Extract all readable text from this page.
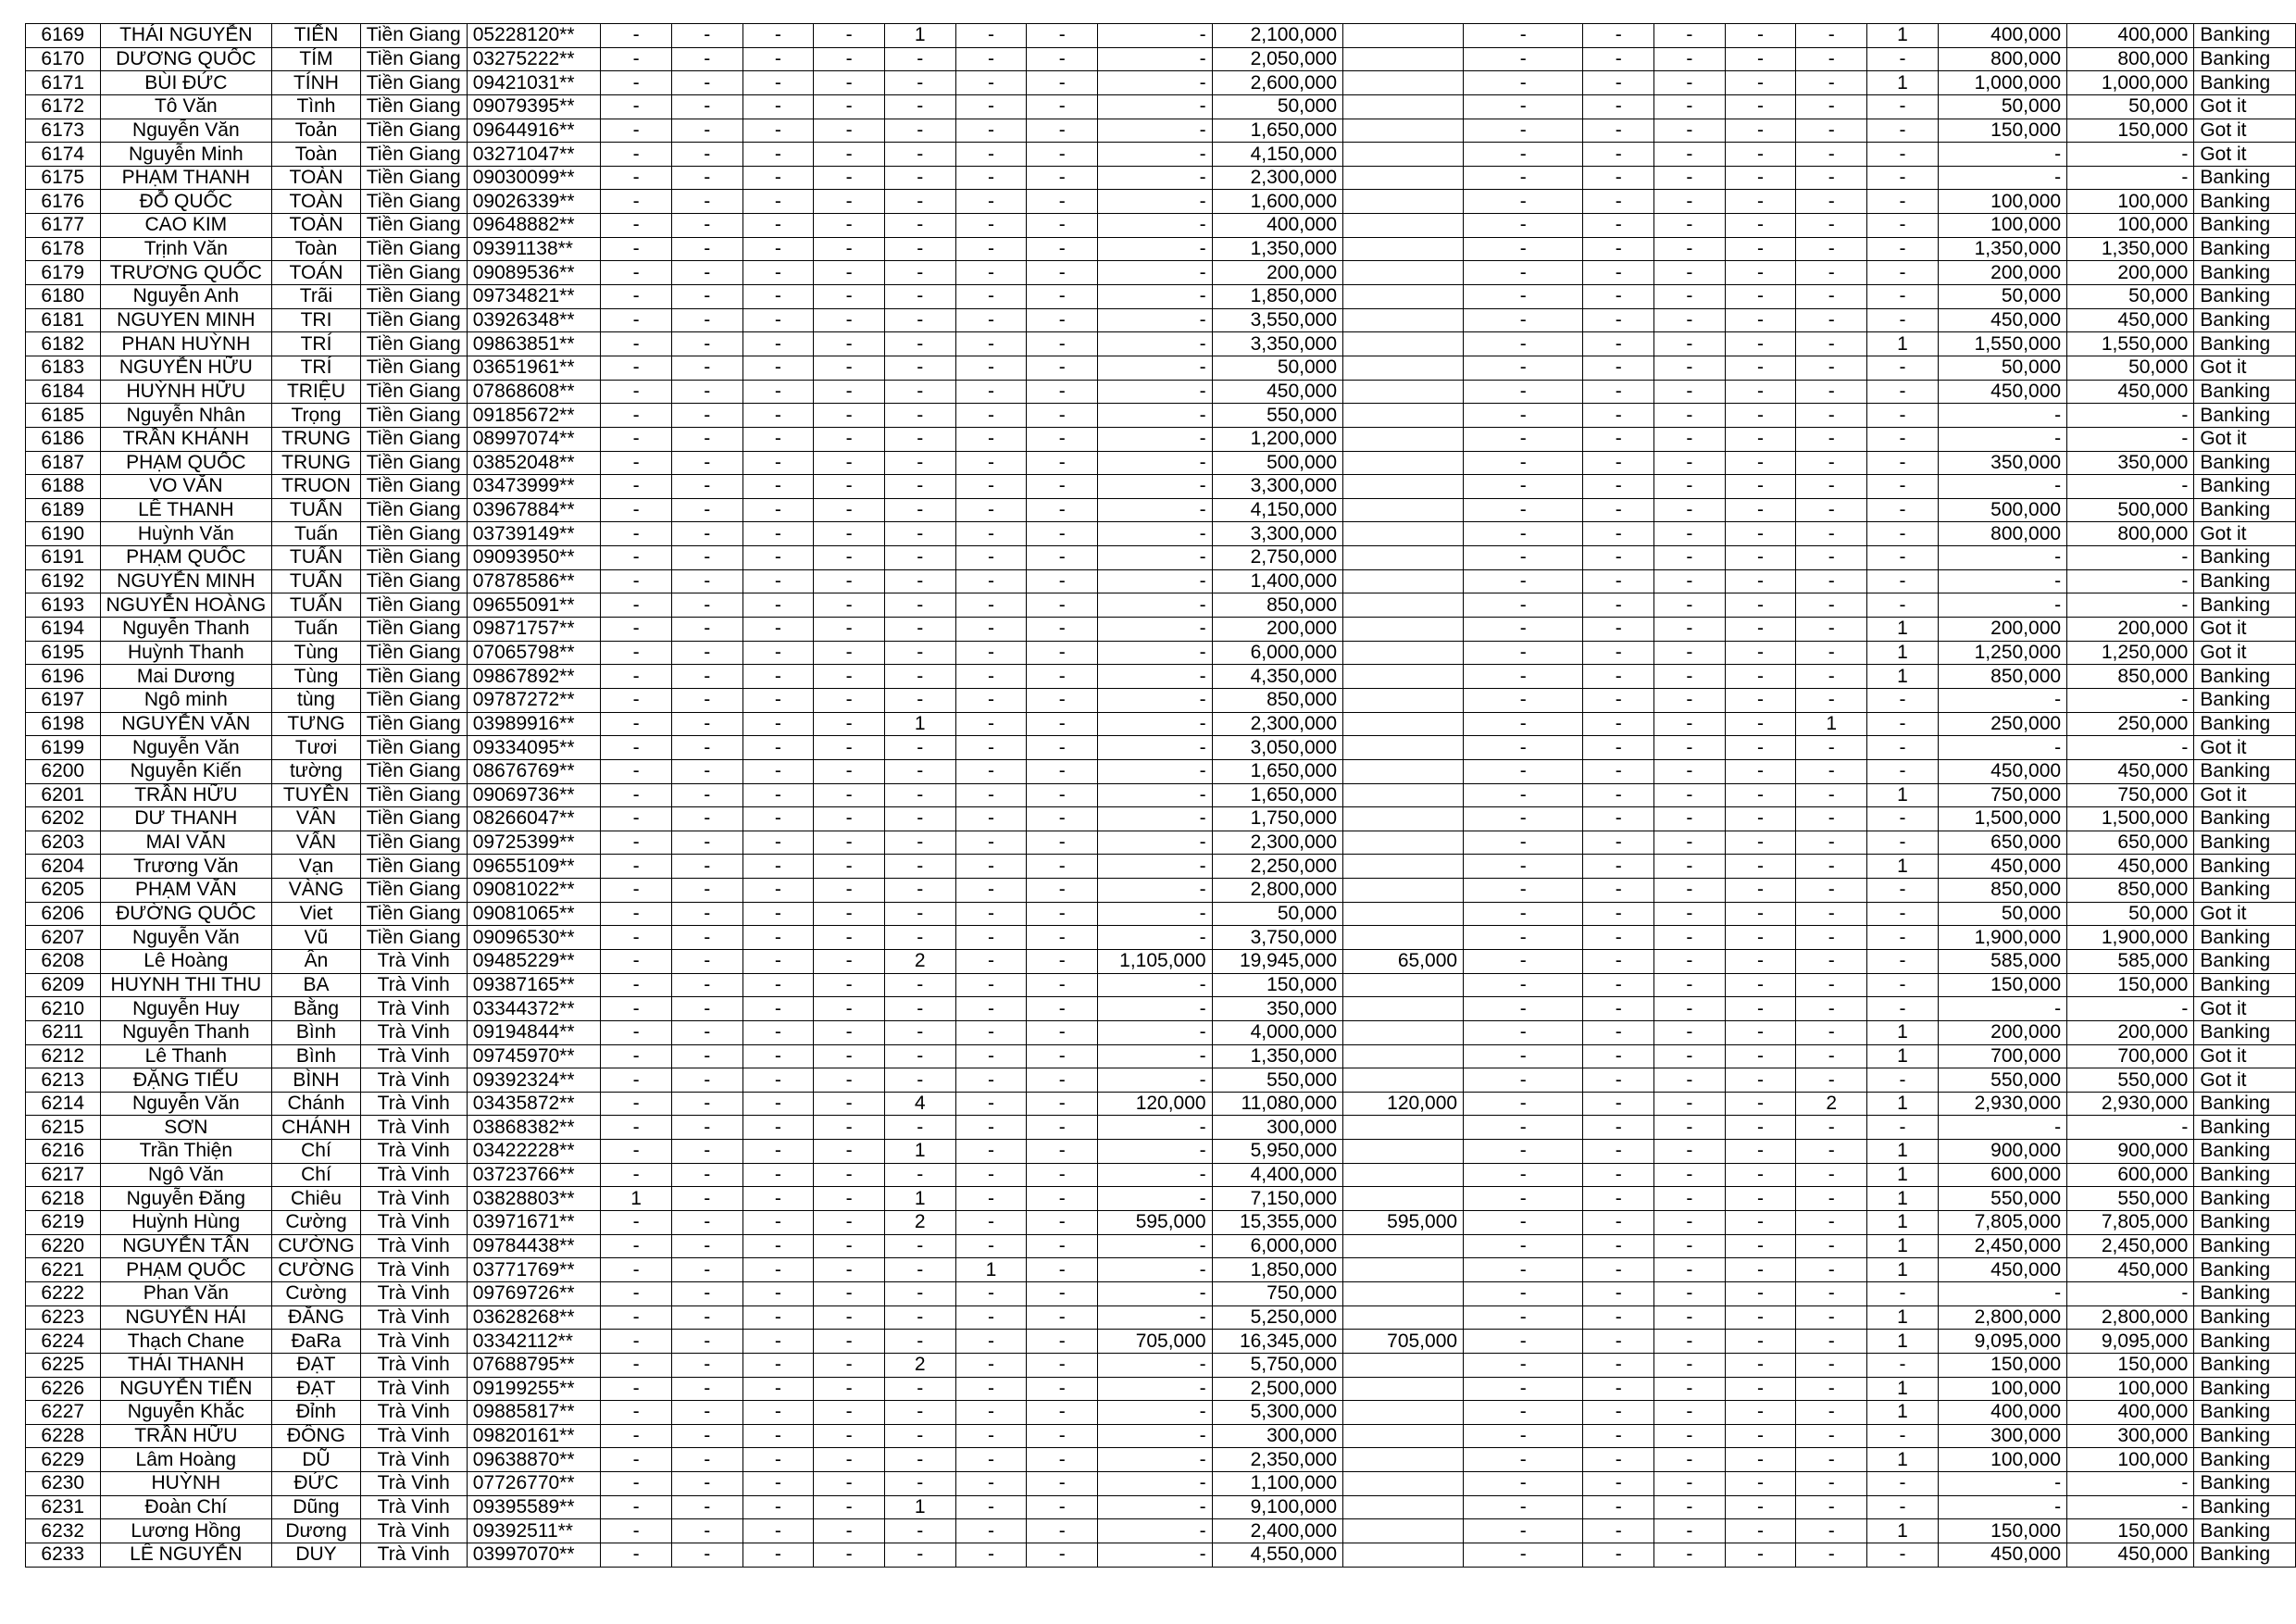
6169	THÁI NGUYỄN	TIẾN	Tiền Giang	05228120**	-	-	-	-	1	-	-	-	2,100,000		-	-	-	-	-	1	400,000	400,000	Banking
6170	DƯƠNG QUỐC	TÍM	Tiền Giang	03275222**	-	-	-	-	-	-	-	-	2,050,000		-	-	-	-	-	-	800,000	800,000	Banking
6171	BÙI ĐỨC	TÍNH	Tiền Giang	09421031**	-	-	-	-	-	-	-	-	2,600,000		-	-	-	-	-	1	1,000,000	1,000,000	Banking
6172	Tô Văn	Tình	Tiền Giang	09079395**	-	-	-	-	-	-	-	-	50,000		-	-	-	-	-	-	50,000	50,000	Got it
6173	Nguyễn Văn	Toản	Tiền Giang	09644916**	-	-	-	-	-	-	-	-	1,650,000		-	-	-	-	-	-	150,000	150,000	Got it
6174	Nguyễn Minh	Toàn	Tiền Giang	03271047**	-	-	-	-	-	-	-	-	4,150,000		-	-	-	-	-	-	-	-	Got it
6175	PHẠM THANH	TOÀN	Tiền Giang	09030099**	-	-	-	-	-	-	-	-	2,300,000		-	-	-	-	-	-	-	-	Banking
6176	ĐỖ QUỐC	TOÀN	Tiền Giang	09026339**	-	-	-	-	-	-	-	-	1,600,000		-	-	-	-	-	-	100,000	100,000	Banking
6177	CAO KIM	TOÀN	Tiền Giang	09648882**	-	-	-	-	-	-	-	-	400,000		-	-	-	-	-	-	100,000	100,000	Banking
6178	Trịnh Văn	Toàn	Tiền Giang	09391138**	-	-	-	-	-	-	-	-	1,350,000		-	-	-	-	-	-	1,350,000	1,350,000	Banking
6179	TRƯƠNG QUỐC	TOÁN	Tiền Giang	09089536**	-	-	-	-	-	-	-	-	200,000		-	-	-	-	-	-	200,000	200,000	Banking
6180	Nguyễn Anh	Trãi	Tiền Giang	09734821**	-	-	-	-	-	-	-	-	1,850,000		-	-	-	-	-	-	50,000	50,000	Banking
6181	NGUYEN MINH	TRI	Tiền Giang	03926348**	-	-	-	-	-	-	-	-	3,550,000		-	-	-	-	-	-	450,000	450,000	Banking
6182	PHAN HUỲNH	TRÍ	Tiền Giang	09863851**	-	-	-	-	-	-	-	-	3,350,000		-	-	-	-	-	1	1,550,000	1,550,000	Banking
6183	NGUYỄN HỮU	TRÍ	Tiền Giang	03651961**	-	-	-	-	-	-	-	-	50,000		-	-	-	-	-	-	50,000	50,000	Got it
6184	HUỲNH HỮU	TRIỆU	Tiền Giang	07868608**	-	-	-	-	-	-	-	-	450,000		-	-	-	-	-	-	450,000	450,000	Banking
6185	Nguyễn Nhân	Trọng	Tiền Giang	09185672**	-	-	-	-	-	-	-	-	550,000		-	-	-	-	-	-	-	-	Banking
6186	TRẦN KHÁNH	TRUNG	Tiền Giang	08997074**	-	-	-	-	-	-	-	-	1,200,000		-	-	-	-	-	-	-	-	Got it
6187	PHẠM QUỐC	TRUNG	Tiền Giang	03852048**	-	-	-	-	-	-	-	-	500,000		-	-	-	-	-	-	350,000	350,000	Banking
6188	VO VĂN	TRUON	Tiền Giang	03473999**	-	-	-	-	-	-	-	-	3,300,000		-	-	-	-	-	-	-	-	Banking
6189	LÊ THANH	TUẤN	Tiền Giang	03967884**	-	-	-	-	-	-	-	-	4,150,000		-	-	-	-	-	-	500,000	500,000	Banking
6190	Huỳnh Văn	Tuấn	Tiền Giang	03739149**	-	-	-	-	-	-	-	-	3,300,000		-	-	-	-	-	-	800,000	800,000	Got it
6191	PHẠM QUỐC	TUẤN	Tiền Giang	09093950**	-	-	-	-	-	-	-	-	2,750,000		-	-	-	-	-	-	-	-	Banking
6192	NGUYỄN MINH	TUẤN	Tiền Giang	07878586**	-	-	-	-	-	-	-	-	1,400,000		-	-	-	-	-	-	-	-	Banking
6193	NGUYỄN HOÀNG	TUẤN	Tiền Giang	09655091**	-	-	-	-	-	-	-	-	850,000		-	-	-	-	-	-	-	-	Banking
6194	Nguyễn Thanh	Tuấn	Tiền Giang	09871757**	-	-	-	-	-	-	-	-	200,000		-	-	-	-	-	1	200,000	200,000	Got it
6195	Huỳnh Thanh	Tùng	Tiền Giang	07065798**	-	-	-	-	-	-	-	-	6,000,000		-	-	-	-	-	1	1,250,000	1,250,000	Got it
6196	Mai Dương	Tùng	Tiền Giang	09867892**	-	-	-	-	-	-	-	-	4,350,000		-	-	-	-	-	1	850,000	850,000	Banking
6197	Ngô minh	tùng	Tiền Giang	09787272**	-	-	-	-	-	-	-	-	850,000		-	-	-	-	-	-	-	-	Banking
6198	NGUYỄN VĂN	TƯNG	Tiền Giang	03989916**	-	-	-	-	1	-	-	-	2,300,000		-	-	-	-	1	-	250,000	250,000	Banking
6199	Nguyễn Văn	Tươi	Tiền Giang	09334095**	-	-	-	-	-	-	-	-	3,050,000		-	-	-	-	-	-	-	-	Got it
6200	Nguyễn Kiến	tường	Tiền Giang	08676769**	-	-	-	-	-	-	-	-	1,650,000		-	-	-	-	-	-	450,000	450,000	Banking
6201	TRẦN HỮU	TUYỀN	Tiền Giang	09069736**	-	-	-	-	-	-	-	-	1,650,000		-	-	-	-	-	1	750,000	750,000	Got it
6202	DƯ THANH	VÂN	Tiền Giang	08266047**	-	-	-	-	-	-	-	-	1,750,000		-	-	-	-	-	-	1,500,000	1,500,000	Banking
6203	MAI VĂN	VẤN	Tiền Giang	09725399**	-	-	-	-	-	-	-	-	2,300,000		-	-	-	-	-	-	650,000	650,000	Banking
6204	Trương Văn	Vạn	Tiền Giang	09655109**	-	-	-	-	-	-	-	-	2,250,000		-	-	-	-	-	1	450,000	450,000	Banking
6205	PHẠM VĂN	VÀNG	Tiền Giang	09081022**	-	-	-	-	-	-	-	-	2,800,000		-	-	-	-	-	-	850,000	850,000	Banking
6206	ĐƯỜNG QUỐC	Viet	Tiền Giang	09081065**	-	-	-	-	-	-	-	-	50,000		-	-	-	-	-	-	50,000	50,000	Got it
6207	Nguyễn Văn	Vũ	Tiền Giang	09096530**	-	-	-	-	-	-	-	-	3,750,000		-	-	-	-	-	-	1,900,000	1,900,000	Banking
6208	Lê Hoàng	Ân	Trà Vinh	09485229**	-	-	-	-	2	-	-	1,105,000	19,945,000	65,000	-	-	-	-	-	-	585,000	585,000	Banking
6209	HUYNH THI THU	BA	Trà Vinh	09387165**	-	-	-	-	-	-	-	-	150,000		-	-	-	-	-	-	150,000	150,000	Banking
6210	Nguyễn Huy	Bằng	Trà Vinh	03344372**	-	-	-	-	-	-	-	-	350,000		-	-	-	-	-	-	-	-	Got it
6211	Nguyễn Thanh	Bình	Trà Vinh	09194844**	-	-	-	-	-	-	-	-	4,000,000		-	-	-	-	-	1	200,000	200,000	Banking
6212	Lê Thanh	Bình	Trà Vinh	09745970**	-	-	-	-	-	-	-	-	1,350,000		-	-	-	-	-	1	700,000	700,000	Got it
6213	ĐẶNG TIẾU	BÌNH	Trà Vinh	09392324**	-	-	-	-	-	-	-	-	550,000		-	-	-	-	-	-	550,000	550,000	Got it
6214	Nguyễn Văn	Chánh	Trà Vinh	03435872**	-	-	-	-	4	-	-	120,000	11,080,000	120,000	-	-	-	-	2	1	2,930,000	2,930,000	Banking
6215	SƠN	CHÁNH	Trà Vinh	03868382**	-	-	-	-	-	-	-	-	300,000		-	-	-	-	-	-	-	-	Banking
6216	Trần Thiện	Chí	Trà Vinh	03422228**	-	-	-	-	1	-	-	-	5,950,000		-	-	-	-	-	1	900,000	900,000	Banking
6217	Ngô Văn	Chí	Trà Vinh	03723766**	-	-	-	-	-	-	-	-	4,400,000		-	-	-	-	-	1	600,000	600,000	Banking
6218	Nguyễn Đăng	Chiêu	Trà Vinh	03828803**	1	-	-	-	1	-	-	-	7,150,000		-	-	-	-	-	1	550,000	550,000	Banking
6219	Huỳnh Hùng	Cường	Trà Vinh	03971671**	-	-	-	-	2	-	-	595,000	15,355,000	595,000	-	-	-	-	-	1	7,805,000	7,805,000	Banking
6220	NGUYỄN TẤN	CƯỜNG	Trà Vinh	09784438**	-	-	-	-	-	-	-	-	6,000,000		-	-	-	-	-	1	2,450,000	2,450,000	Banking
6221	PHẠM QUỐC	CƯỜNG	Trà Vinh	03771769**	-	-	-	-	-	1	-	-	1,850,000		-	-	-	-	-	1	450,000	450,000	Banking
6222	Phan Văn	Cường	Trà Vinh	09769726**	-	-	-	-	-	-	-	-	750,000		-	-	-	-	-	-	-	-	Banking
6223	NGUYỄN HẢI	ĐĂNG	Trà Vinh	03628268**	-	-	-	-	-	-	-	-	5,250,000		-	-	-	-	-	1	2,800,000	2,800,000	Banking
6224	Thạch Chane	ĐaRa	Trà Vinh	03342112**	-	-	-	-	-	-	-	705,000	16,345,000	705,000	-	-	-	-	-	1	9,095,000	9,095,000	Banking
6225	THÁI THANH	ĐẠT	Trà Vinh	07688795**	-	-	-	-	2	-	-	-	5,750,000		-	-	-	-	-	-	150,000	150,000	Banking
6226	NGUYỄN TIẾN	ĐẠT	Trà Vinh	09199255**	-	-	-	-	-	-	-	-	2,500,000		-	-	-	-	-	1	100,000	100,000	Banking
6227	Nguyễn Khắc	Đỉnh	Trà Vinh	09885817**	-	-	-	-	-	-	-	-	5,300,000		-	-	-	-	-	1	400,000	400,000	Banking
6228	TRẦN HỮU	ĐÔNG	Trà Vinh	09820161**	-	-	-	-	-	-	-	-	300,000		-	-	-	-	-	-	300,000	300,000	Banking
6229	Lâm Hoàng	DŨ	Trà Vinh	09638870**	-	-	-	-	-	-	-	-	2,350,000		-	-	-	-	-	1	100,000	100,000	Banking
6230	HUỲNH	ĐỨC	Trà Vinh	07726770**	-	-	-	-	-	-	-	-	1,100,000		-	-	-	-	-	-	-	-	Banking
6231	Đoàn Chí	Dũng	Trà Vinh	09395589**	-	-	-	-	1	-	-	-	9,100,000		-	-	-	-	-	-	-	-	Banking
6232	Lương Hồng	Dương	Trà Vinh	09392511**	-	-	-	-	-	-	-	-	2,400,000		-	-	-	-	-	1	150,000	150,000	Banking
6233	LÊ NGUYỄN	DUY	Trà Vinh	03997070**	-	-	-	-	-	-	-	-	4,550,000		-	-	-	-	-	-	450,000	450,000	Banking
